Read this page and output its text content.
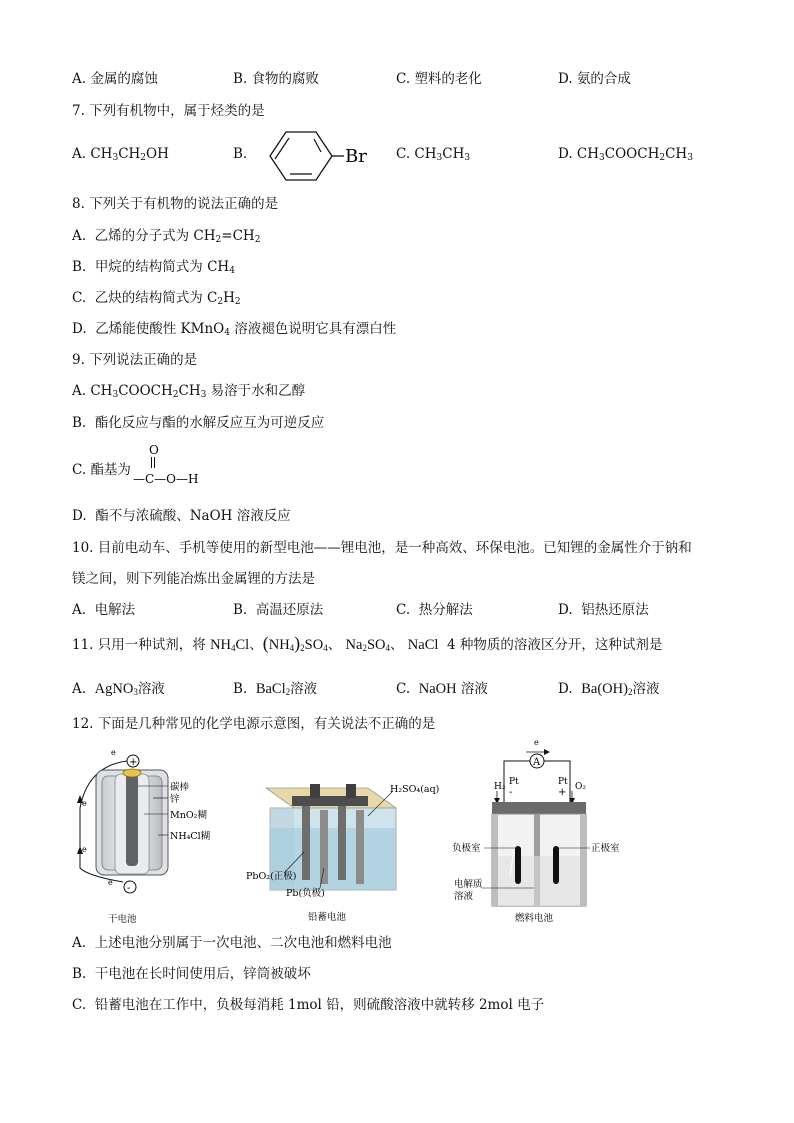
A. 金属的腐蚀	B. 食物的腐败	C. 塑料的老化	D. 氨的合成
7. 下列有机物中，属于烃类的是
A. $CH_3CH_2OH$	B.	Br C. $CH_3CH_3$	D. $CH_3COOCH_2CH_3$
8. 下列关于有机物的说法正确的是
A. 乙烯的分子式为 $CH_2=CH_2$
B. 甲烷的结构简式为 $CH_4$
C. 乙炔的结构简式为 $C_2H_2$
D. 乙烯能使酸性 KMnO$_4$ 溶液褪色说明它具有漂白性
9. 下列说法正确的是
A. $CH_3COOCH_2CH_3$ 易溶于水和乙醇
B. 酯化反应与酯的水解反应互为可逆反应
C. 酯基为
O
—C—O—H
D. 酯不与浓硫酸、NaOH 溶液反应
10. 目前电动车、手机等使用的新型电池——锂电池，是一种高效、环保电池。已知锂的金属性介于钠和
镁之间，则下列能冶炼出金属锂的方法是
A. 电解法	B. 高温还原法	C. 热分解法	D. 铝热还原法
11. 只用一种试剂，将 $NH_4Cl$、$(NH_4)_2SO_4$、 $Na_2SO_4$、 NaCl 4 种物质的溶液区分开，这种试剂是
A. AgNO$_3$溶液	B. BaCl$_2$溶液	C. NaOH 溶液	D. $Ba(OH)_2$溶液
12. 下面是几种常见的化学电源示意图，有关说法不正确的是
e
+
e
e
碳棒
锌
MnO₂糊
NH₄Cl糊
-
e
干电池
H₂SO₄(aq)
PbO₂(正极)
Pb(负极)
铅蓄电池
e
A
Pt
-
Pt
+
H₂	O₂
负极室	正极室
电解质
溶液
燃料电池
A. 上述电池分别属于一次电池、二次电池和燃料电池
B. 干电池在长时间使用后，锌筒被破坏
C. 铅蓄电池在工作中，负极每消耗 1mol 铅，则硫酸溶液中就转移 2mol 电子
